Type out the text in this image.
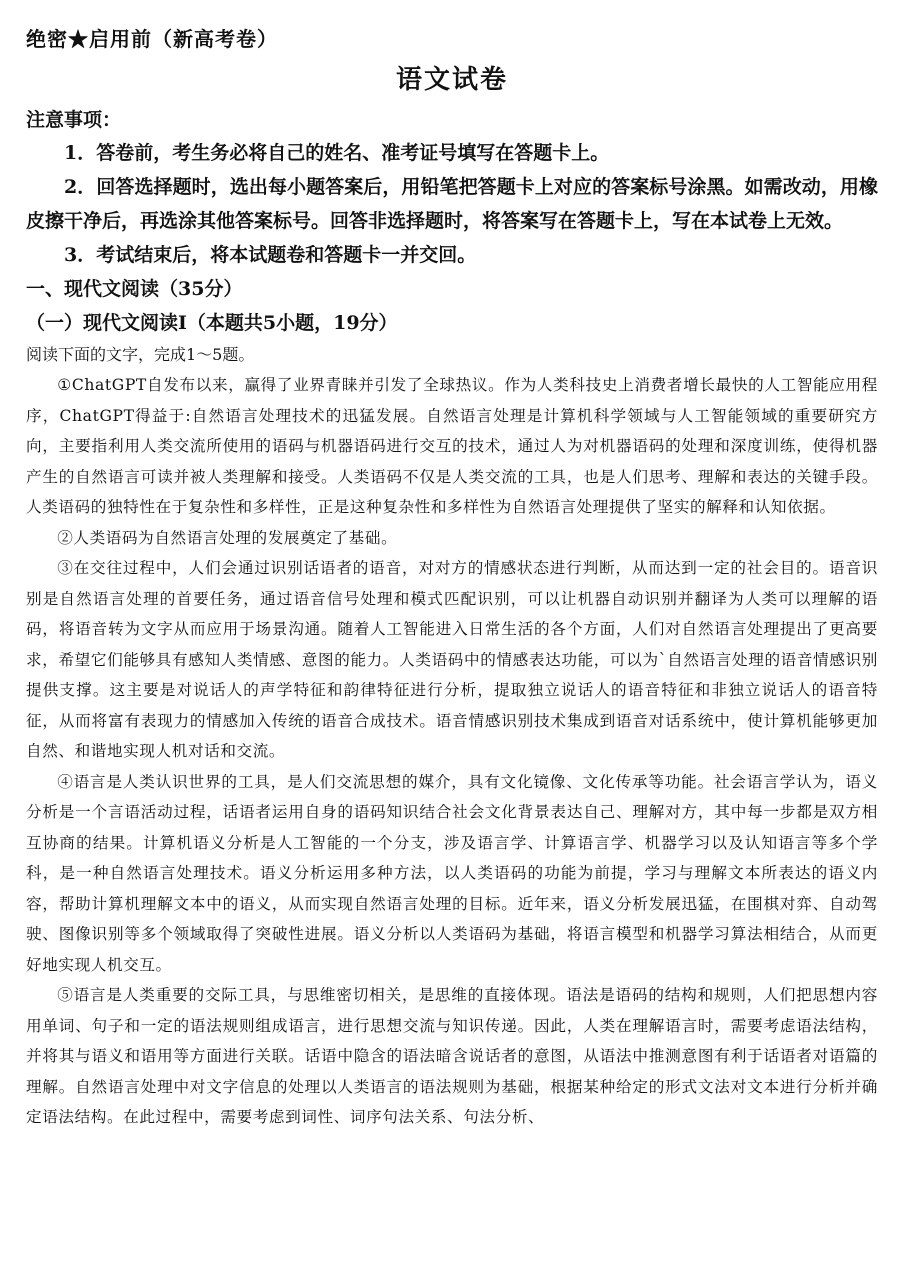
绝密★启用前（新高考卷）
语文试卷
注意事项：

1．答卷前，考生务必将自己的姓名、准考证号填写在答题卡上。

2．回答选择题时，选出每小题答案后，用铅笔把答题卡上对应的答案标号涂黑。如需改动，用橡皮擦干净后，再选涂其他答案标号。回答非选择题时，将答案写在答题卡上，写在本试卷上无效。

3．考试结束后，将本试题卷和答题卡一并交回。

一、现代文阅读（35分）

（一）现代文阅读Ⅰ（本题共5小题，19分）

阅读下面的文字，完成1～5题。

①ChatGPT自发布以来，赢得了业界青睐并引发了全球热议。作为人类科技史上消费者增长最快的人工智能应用程序，ChatGPT得益于:自然语言处理技术的迅猛发展。自然语言处理是计算机科学领域与人工智能领域的重要研究方向，主要指利用人类交流所使用的语码与机器语码进行交互的技术，通过人为对机器语码的处理和深度训练，使得机器产生的自然语言可读并被人类理解和接受。人类语码不仅是人类交流的工具，也是人们思考、理解和表达的关键手段。人类语码的独特性在于复杂性和多样性，正是这种复杂性和多样性为自然语言处理提供了坚实的解释和认知依据。

②人类语码为自然语言处理的发展奠定了基础。

③在交往过程中，人们会通过识别话语者的语音，对对方的情感状态进行判断，从而达到一定的社会目的。语音识别是自然语言处理的首要任务，通过语音信号处理和模式匹配识别，可以让机器自动识别并翻译为人类可以理解的语码，将语音转为文字从而应用于场景沟通。随着人工智能进入日常生活的各个方面，人们对自然语言处理提出了更高要求，希望它们能够具有感知人类情感、意图的能力。人类语码中的情感表达功能，可以为`自然语言处理的语音情感识别提供支撑。这主要是对说话人的声学特征和韵律特征进行分析，提取独立说话人的语音特征和非独立说话人的语音特征，从而将富有表现力的情感加入传统的语音合成技术。语音情感识别技术集成到语音对话系统中，使计算机能够更加自然、和谐地实现人机对话和交流。

④语言是人类认识世界的工具，是人们交流思想的媒介，具有文化镜像、文化传承等功能。社会语言学认为，语义分析是一个言语活动过程，话语者运用自身的语码知识结合社会文化背景表达自己、理解对方，其中每一步都是双方相互协商的结果。计算机语义分析是人工智能的一个分支，涉及语言学、计算语言学、机器学习以及认知语言等多个学科，是一种自然语言处理技术。语义分析运用多种方法，以人类语码的功能为前提，学习与理解文本所表达的语义内容，帮助计算机理解文本中的语义，从而实现自然语言处理的目标。近年来，语义分析发展迅猛，在围棋对弈、自动驾驶、图像识别等多个领域取得了突破性进展。语义分析以人类语码为基础，将语言模型和机器学习算法相结合，从而更好地实现人机交互。

⑤语言是人类重要的交际工具，与思维密切相关，是思维的直接体现。语法是语码的结构和规则，人们把思想内容用单词、句子和一定的语法规则组成语言，进行思想交流与知识传递。因此，人类在理解语言时，需要考虑语法结构，并将其与语义和语用等方面进行关联。话语中隐含的语法暗含说话者的意图，从语法中推测意图有利于话语者对语篇的理解。自然语言处理中对文字信息的处理以人类语言的语法规则为基础，根据某种给定的形式文法对文本进行分析并确定语法结构。在此过程中，需要考虑到词性、词序句法关系、句法分析、
